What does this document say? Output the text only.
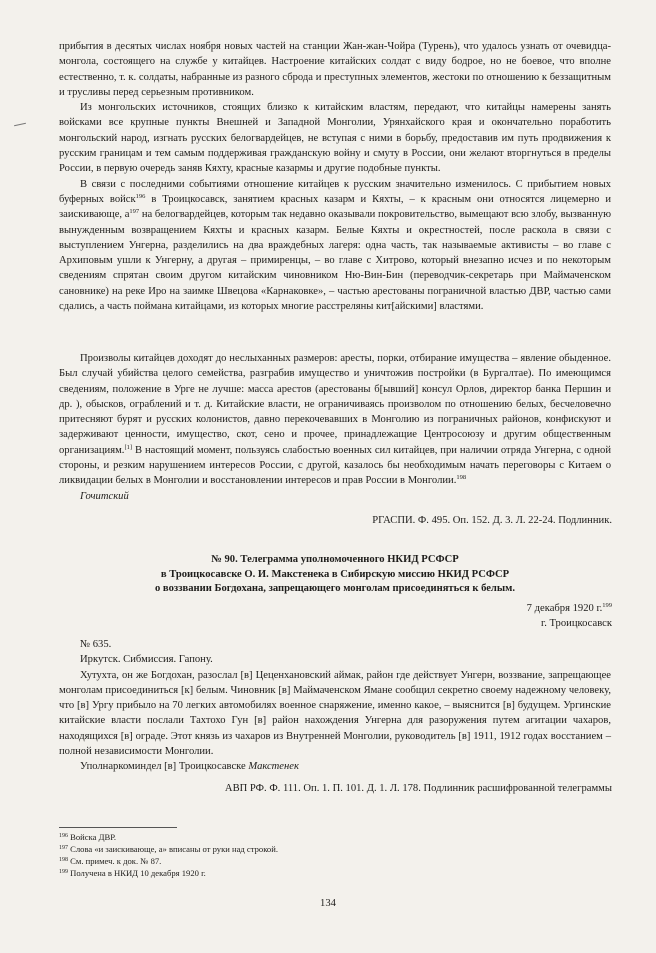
прибытия в десятых числах ноября новых частей на станции Жан-жан-Чойра (Турень), что удалось узнать от очевидца-монгола, состоящего на службе у китайцев. Настроение китайских солдат с виду бодрое, но не боевое, что вполне естественно, т. к. солдаты, набранные из разного сброда и преступных элементов, жестоки по отношению к беззащитным и трусливы перед серьезным противником.

Из монгольских источников, стоящих близко к китайским властям, передают, что китайцы намерены занять войсками все крупные пункты Внешней и Западной Монголии, Урянхайского края и окончательно поработить монгольский народ, изгнать русских белогвардейцев, не вступая с ними в борьбу, предоставив им путь продвижения к русским границам и тем самым поддерживая гражданскую войну и смуту в России, они желают вторгнуться в пределы России, в первую очередь заняв Кяхту, красные казармы и другие подобные пункты.

В связи с последними событиями отношение китайцев к русским значительно изменилось. С прибытием новых буферных войск$^{196}$ в Троицкосавск, занятием красных казарм и Кяхты, – к красным они относятся лицемерно и заискивающе, $а^{197}$ на белогвардейцев, которым так недавно оказывали покровительство, вымещают всю злобу, вызванную вынужденным возвращением Кяхты и красных казарм. Белые Кяхты и окрестностей, после раскола в связи с выступлением Унгерна, разделились на два враждебных лагеря: одна часть, так называемые активисты – во главе с Архиповым ушли к Унгерну, а другая – примиренцы, – во главе с Хитрово, который внезапно исчез и по некоторым сведениям спрятан своим другом китайским чиновником Ню-Вин-Бин (переводчик-секретарь при Маймаченском сановнике) на реке Иро на заимке Швецова «Карнаковке», – частью арестованы пограничной властью ДВР, частью сами сдались, а часть поймана китайцами, из которых многие расстреляны кит[айскими] властями.

Произволы китайцев доходят до неслыханных размеров: аресты, порки, отбирание имущества – явление обыденное. Был случай убийства целого семейства, разграбив имущество и уничтожив постройки (в Бургалтае). По имеющимся сведениям, положение в Урге не лучше: масса арестов (арестованы б[ывший] консул Орлов, директор банка Першин и др. ), обысков, ограблений и т. д. Китайские власти, не ограничиваясь произволом по отношению белых, бесчеловечно притесняют бурят и русских колонистов, давно перекочевавших в Монголию из пограничных районов, конфискуют и задерживают ценности, имущество, скот, сено и прочее, принадлежащие Центросоюзу и другим общественным организациям.[1] В настоящий момент, пользуясь слабостью военных сил китайцев, при наличии отряда Унгерна, с одной стороны, и резким нарушением интересов России, с другой, казалось бы необходимым начать переговоры с Китаем о ликвидации белых в Монголии и восстановлении интересов и прав России в Монголии.$^{198}$

Гочитский

РГАСПИ. Ф. 495. Оп. 152. Д. 3. Л. 22-24. Подлинник.

№ 90. Телеграмма уполномоченного НКИД РСФСР
в Троицкосавске О. И. Макстенека в Сибирскую миссию НКИД РСФСР
о воззвании Богдохана, запрещающего монголам присоединяться к белым.

7 декабря 1920 г.$^{199}$

г. Троицкосавск

№ 635.

Иркутск. Сибмиссия. Гапону.

Хутухта, он же Богдохан, разослал [в] Цеценхановский аймак, район где действует Унгерн, воззвание, запрещающее монголам присоединиться [к] белым. Чиновник [в] Маймаченском Ямане сообщил секретно своему надежному человеку, что [в] Ургу прибыло на 70 легких автомобилях военное снаряжение, именно какое, – выяснится [в] будущем. Ургинские китайские власти послали Тахтохо Гун [в] район нахождения Унгерна для разоружения путем агитации чахаров, находящихся [в] ограде. Этот князь из чахаров из Внутренней Монголии, руководитель [в] 1911, 1912 годах восстанием – полной независимости Монголии.

Уполнаркоминдел [в] Троицкосавске Макстенек

АВП РФ. Ф. 111. Оп. 1. П. 101. Д. 1. Л. 178. Подлинник расшифрованной телеграммы

$^{196}$ Войска ДВР.
$^{197}$ Слова «и заискивающе, а» вписаны от руки над строкой.
$^{198}$ См. примеч. к док. № 87.
$^{199}$ Получена в НКИД 10 декабря 1920 г.
134
